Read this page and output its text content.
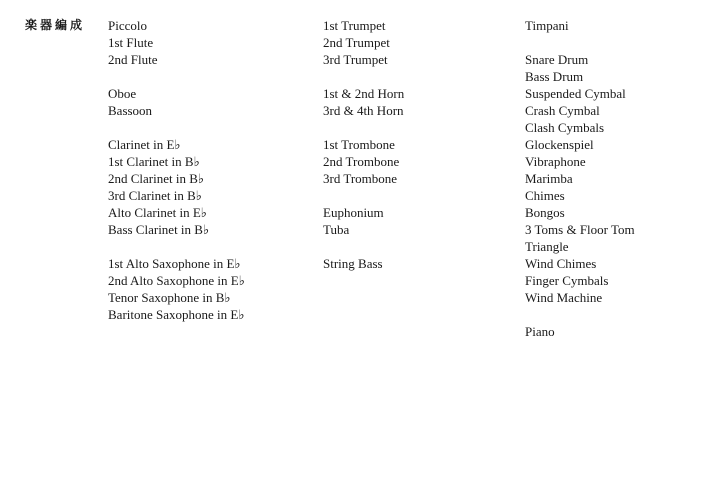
楽器編成 Piccolo
1st Flute
2nd Flute
Oboe
Bassoon
Clarinet in E♭
1st Clarinet in B♭
2nd Clarinet in B♭
3rd Clarinet in B♭
Alto Clarinet in E♭
Bass Clarinet in B♭
1st Alto Saxophone in E♭
2nd Alto Saxophone in E♭
Tenor Saxophone in B♭
Baritone Saxophone in E♭
1st Trumpet
2nd Trumpet
3rd Trumpet
1st & 2nd Horn
3rd & 4th Horn
1st Trombone
2nd Trombone
3rd Trombone
Euphonium
Tuba
String Bass
Timpani
Snare Drum
Bass Drum
Suspended Cymbal
Crash Cymbal
Clash Cymbals
Glockenspiel
Vibraphone
Marimba
Chimes
Bongos
3 Toms & Floor Tom
Triangle
Wind Chimes
Finger Cymbals
Wind Machine
Piano
